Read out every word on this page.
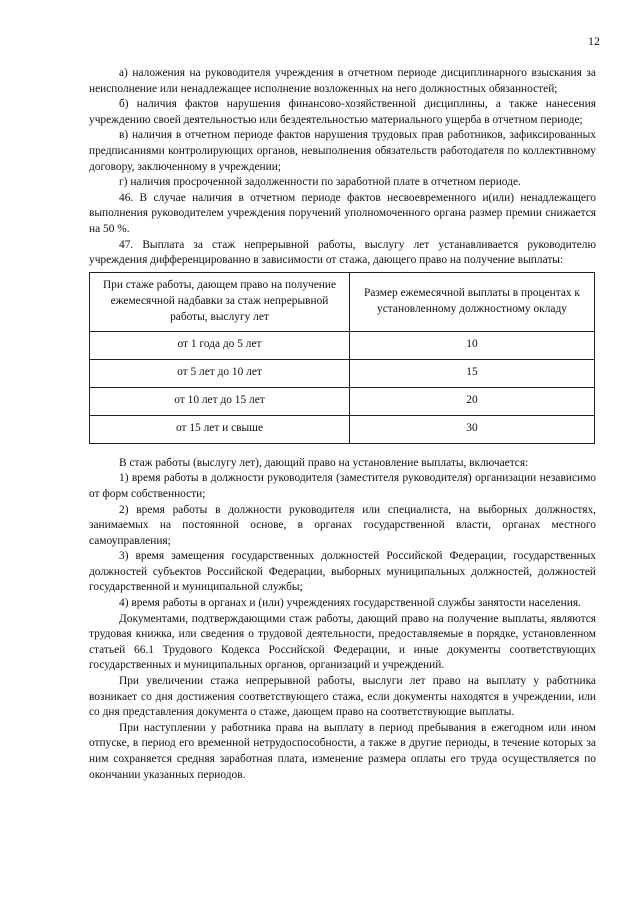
12

а) наложения на руководителя учреждения в отчетном периоде дисциплинарного взыскания за неисполнение или ненадлежащее исполнение возложенных на него должностных обязанностей;

б) наличия фактов нарушения финансово-хозяйственной дисциплины, а также нанесения учреждению своей деятельностью или бездеятельностью материального ущерба в отчетном периоде;

в) наличия в отчетном периоде фактов нарушения трудовых прав работников, зафиксированных предписаниями контролирующих органов, невыполнения обязательств работодателя по коллективному договору, заключенному в учреждении;

г) наличия просроченной задолженности по заработной плате в отчетном периоде.

46. В случае наличия в отчетном периоде фактов несвоевременного и(или) ненадлежащего выполнения руководителем учреждения поручений уполномоченного органа размер премии снижается на 50 %.

47. Выплата за стаж непрерывной работы, выслугу лет устанавливается руководителю учреждения дифференцированно в зависимости от стажа, дающего право на получение выплаты:

При стаже работы, дающем право на получение ежемесячной надбавки за стаж непрерывной работы, выслугу лет	Размер ежемесячной выплаты в процентах к установленному должностному окладу
от 1 года до 5 лет	10
от 5 лет до 10 лет	15
от 10 лет до 15 лет	20
от 15 лет и свыше	30

В стаж работы (выслугу лет), дающий право на установление выплаты, включается:

1) время работы в должности руководителя (заместителя руководителя) организации независимо от форм собственности;

2) время работы в должности руководителя или специалиста, на выборных должностях, занимаемых на постоянной основе, в органах государственной власти, органах местного самоуправления;

3) время замещения государственных должностей Российской Федерации, государственных должностей субъектов Российской Федерации, выборных муниципальных должностей, должностей государственной и муниципальной службы;

4) время работы в органах и (или) учреждениях государственной службы занятости населения.

Документами, подтверждающими стаж работы, дающий право на получение выплаты, являются трудовая книжка, или сведения о трудовой деятельности, предоставляемые в порядке, установленном статьей 66.1 Трудового Кодекса Российской Федерации, и иные документы соответствующих государственных и муниципальных органов, организаций и учреждений.

При увеличении стажа непрерывной работы, выслуги лет право на выплату у работника возникает со дня достижения соответствующего стажа, если документы находятся в учреждении, или со дня представления документа о стаже, дающем право на соответствующие выплаты.

При наступлении у работника права на выплату в период пребывания в ежегодном или ином отпуске, в период его временной нетрудоспособности, а также в другие периоды, в течение которых за ним сохраняется средняя заработная плата, изменение размера оплаты его труда осуществляется по окончании указанных периодов.
